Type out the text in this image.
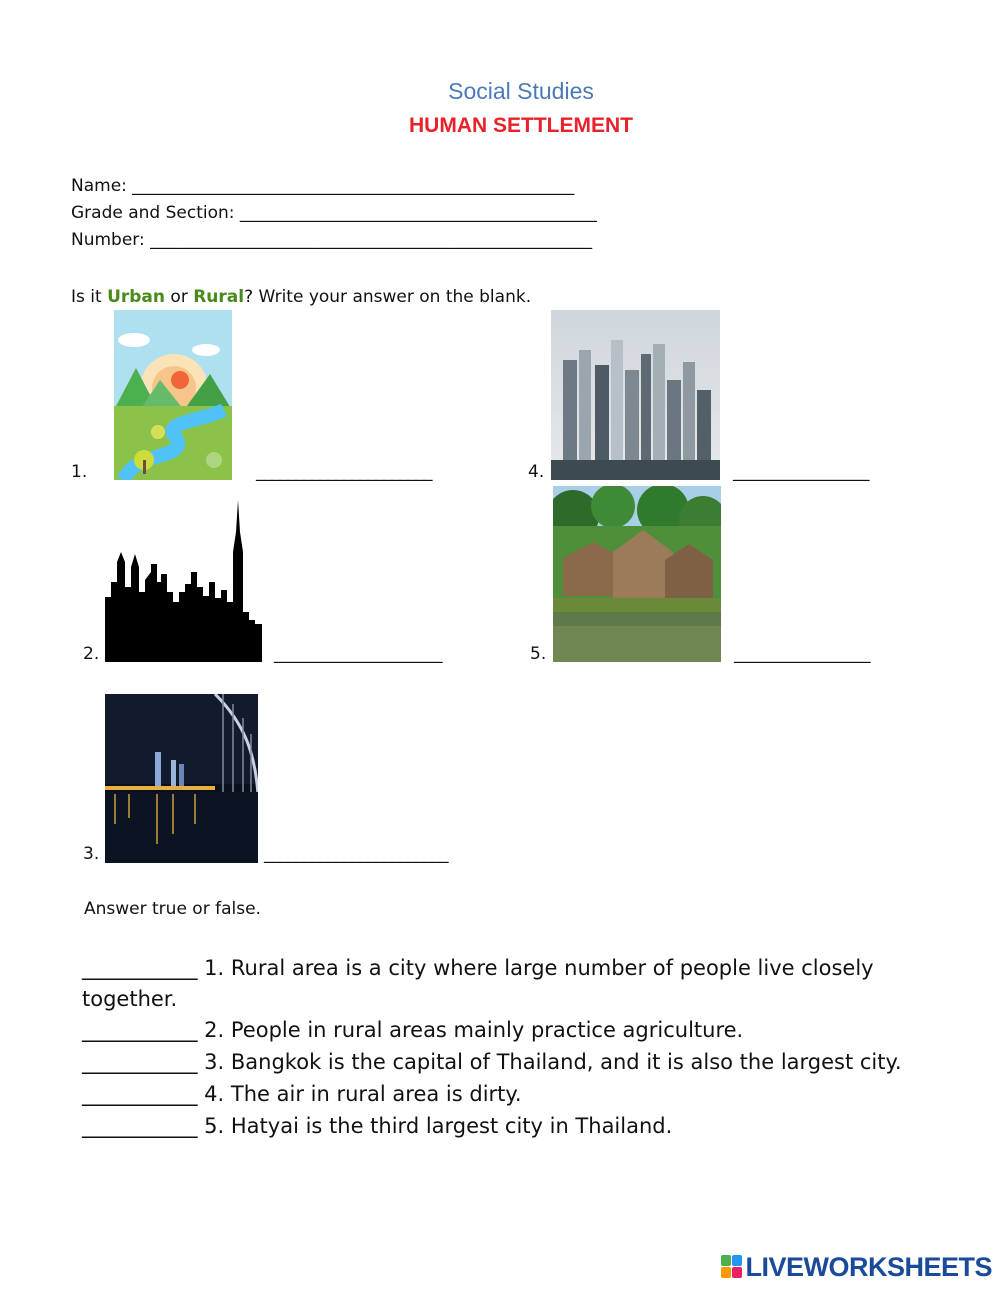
Social Studies
HUMAN SETTLEMENT
Name: ____________________________________________________
Grade and Section: __________________________________________
Number: ____________________________________________________
Is it Urban or Rural? Write your answer on the blank.
1.	______________________	4.	_________________
2.	_____________________	5.	_________________
3.	_______________________
Answer true or false.
___________ 1. Rural area is a city where large number of people live closely
together.
___________ 2. People in rural areas mainly practice agriculture.
___________ 3. Bangkok is the capital of Thailand, and it is also the largest city.
___________ 4. The air in rural area is dirty.
___________ 5. Hatyai is the third largest city in Thailand.
LIVEWORKSHEETS
